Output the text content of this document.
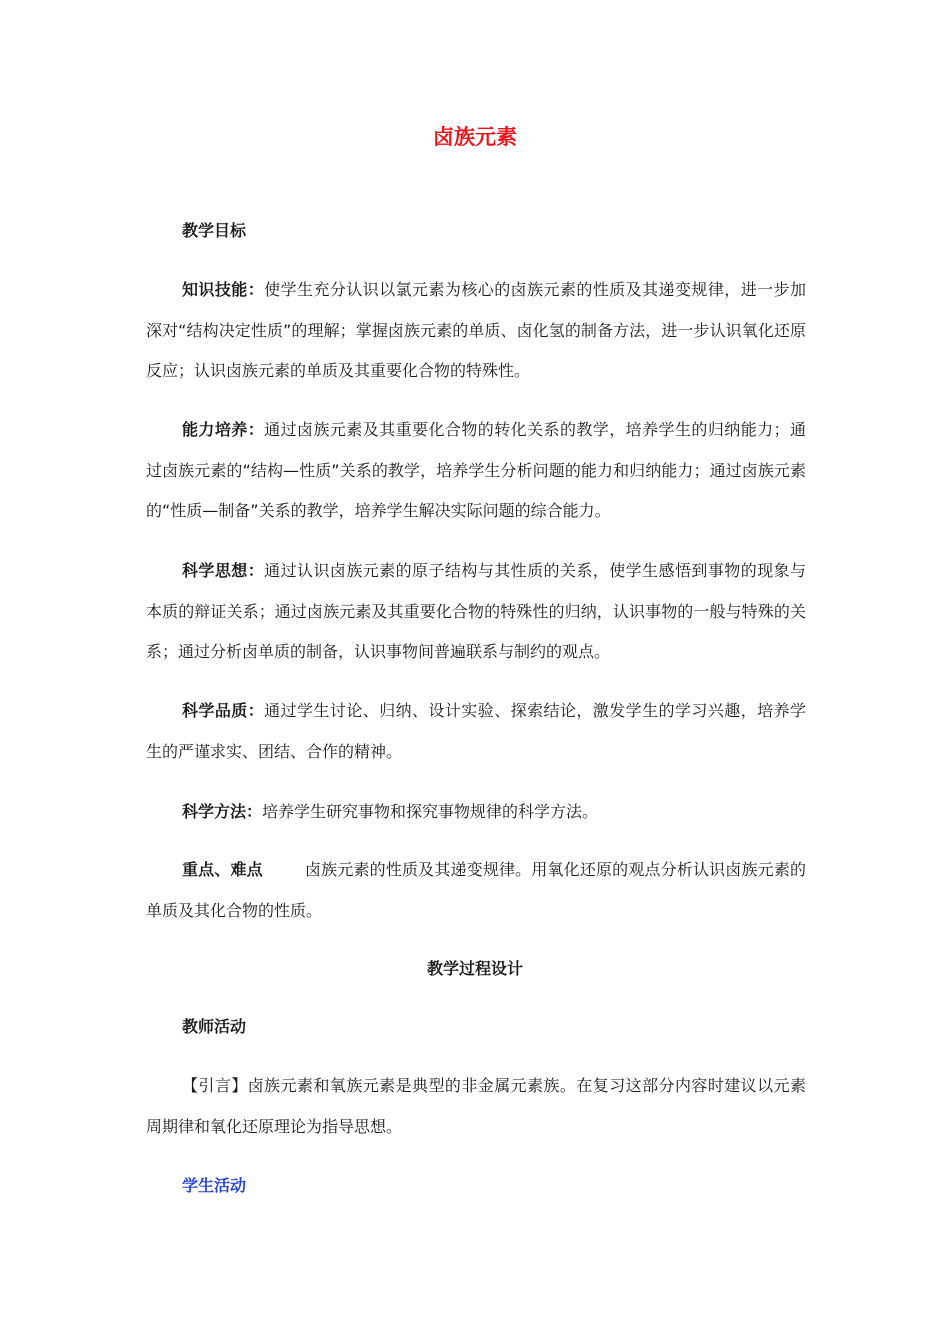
卤族元素
教学目标
知识技能：使学生充分认识以氯元素为核心的卤族元素的性质及其递变规律，进一步加深对“结构决定性质”的理解；掌握卤族元素的单质、卤化氢的制备方法，进一步认识氧化还原反应；认识卤族元素的单质及其重要化合物的特殊性。
能力培养：通过卤族元素及其重要化合物的转化关系的教学，培养学生的归纳能力；通过卤族元素的“结构—性质”关系的教学，培养学生分析问题的能力和归纳能力；通过卤族元素的“性质—制备”关系的教学，培养学生解决实际问题的综合能力。
科学思想：通过认识卤族元素的原子结构与其性质的关系，使学生感悟到事物的现象与本质的辩证关系；通过卤族元素及其重要化合物的特殊性的归纳，认识事物的一般与特殊的关系；通过分析卤单质的制备，认识事物间普遍联系与制约的观点。
科学品质：通过学生讨论、归纳、设计实验、探索结论，激发学生的学习兴趣，培养学生的严谨求实、团结、合作的精神。
科学方法：培养学生研究事物和探究事物规律的科学方法。
重点、难点	卤族元素的性质及其递变规律。用氧化还原的观点分析认识卤族元素的单质及其化合物的性质。
教学过程设计
教师活动
【引言】卤族元素和氧族元素是典型的非金属元素族。在复习这部分内容时建议以元素周期律和氧化还原理论为指导思想。
学生活动
